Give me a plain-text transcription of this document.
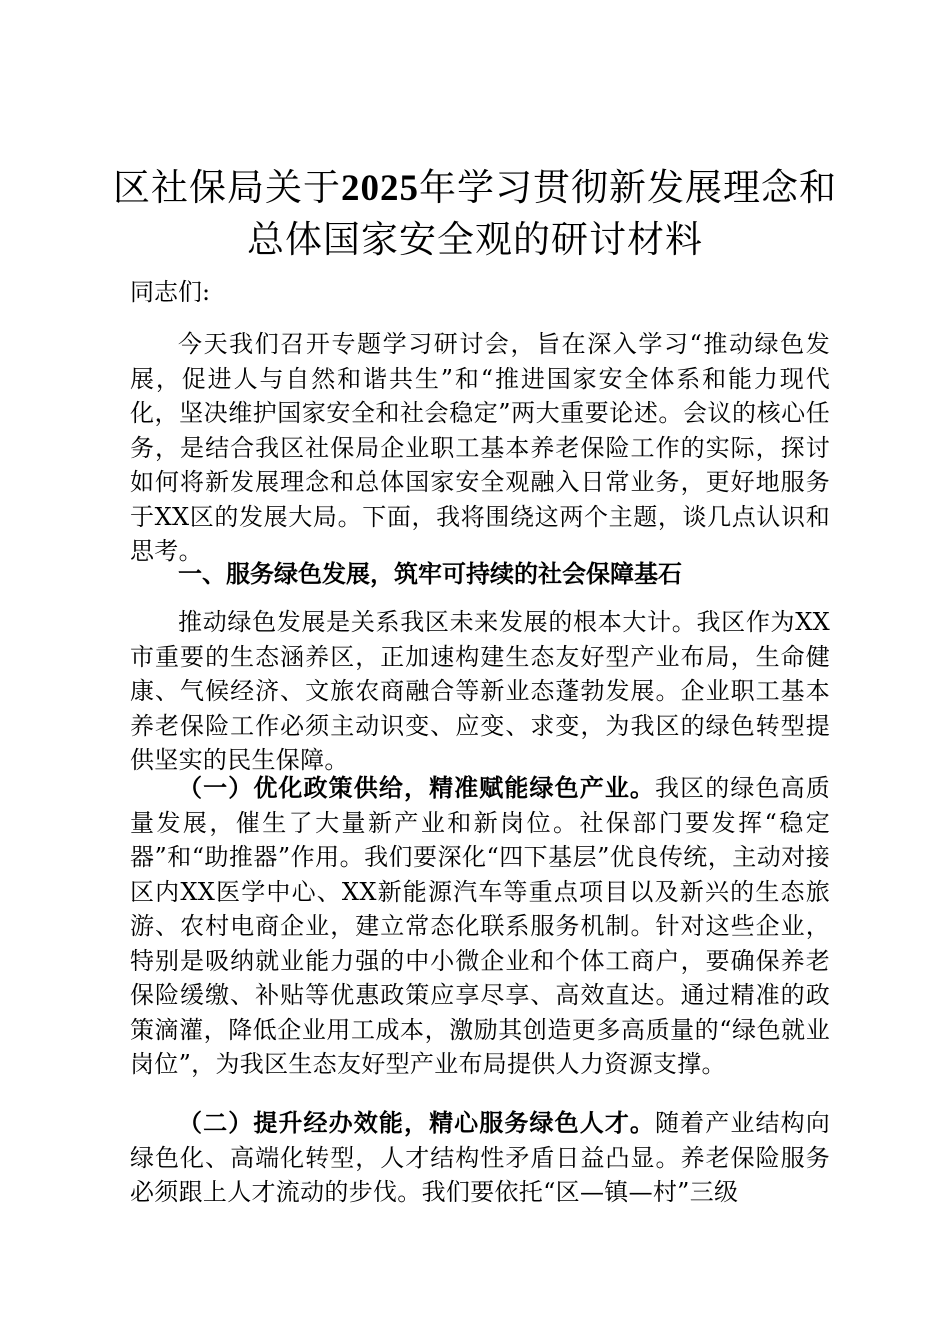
区社保局关于2025年学习贯彻新发展理念和
总体国家安全观的研讨材料
同志们:
今天我们召开专题学习研讨会，旨在深入学习“推动绿色发展，促进人与自然和谐共生”和“推进国家安全体系和能力现代化，坚决维护国家安全和社会稳定”两大重要论述。会议的核心任务，是结合我区社保局企业职工基本养老保险工作的实际，探讨如何将新发展理念和总体国家安全观融入日常业务，更好地服务于XX区的发展大局。下面，我将围绕这两个主题，谈几点认识和思考。
一、服务绿色发展，筑牢可持续的社会保障基石
推动绿色发展是关系我区未来发展的根本大计。我区作为XX市重要的生态涵养区，正加速构建生态友好型产业布局，生命健康、气候经济、文旅农商融合等新业态蓬勃发展。企业职工基本养老保险工作必须主动识变、应变、求变，为我区的绿色转型提供坚实的民生保障。
（一）优化政策供给，精准赋能绿色产业。我区的绿色高质量发展，催生了大量新产业和新岗位。社保部门要发挥“稳定器”和“助推器”作用。我们要深化“四下基层”优良传统，主动对接区内XX医学中心、XX新能源汽车等重点项目以及新兴的生态旅游、农村电商企业，建立常态化联系服务机制。针对这些企业，特别是吸纳就业能力强的中小微企业和个体工商户，要确保养老保险缓缴、补贴等优惠政策应享尽享、高效直达。通过精准的政策滴灌，降低企业用工成本，激励其创造更多高质量的“绿色就业岗位”，为我区生态友好型产业布局提供人力资源支撑。
（二）提升经办效能，精心服务绿色人才。随着产业结构向绿色化、高端化转型，人才结构性矛盾日益凸显。养老保险服务必须跟上人才流动的步伐。我们要依托“区—镇—村”三级
